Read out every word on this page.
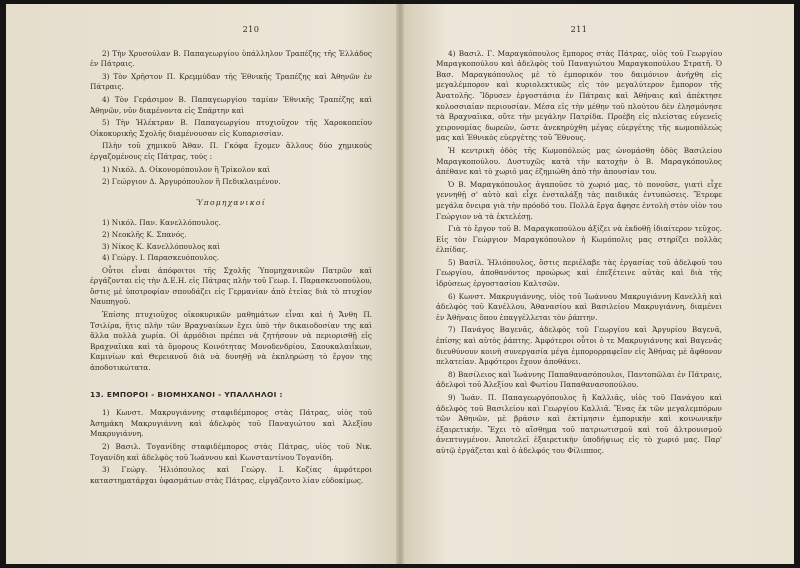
210

2) Τὴν Χρυσούλαν Β. Παπαγεωργίου ὑπάλληλον Τραπέζης τῆς Ἑλλάδος ἐν Πάτραις.

3) Τὸν Χρῆστον Π. Κρεμμύδαν τῆς Ἐθνικῆς Τραπέζης καὶ Ἀθηνῶν ἐν Πάτραις.

4) Τὸν Γεράσιμον Β. Παπαγεωργίου ταμίαν Ἐθνικῆς Τραπέζης καὶ Ἀθηνῶν, νῦν διαμένοντα εἰς Σπάρτην καὶ

5) Τὴν Ἠλέκτραν Β. Παπαγεωργίου πτυχιοῦχον τῆς Χαροκοπείου Οἰκοκυρικῆς Σχολῆς διαμένουσαν εἰς Κυπαρισσίαν.

Πλὴν τοῦ χημικοῦ Ἀθαν. Π. Γκόφα ἔχομεν ἄλλους δύο χημικοὺς ἐργαζομένους εἰς Πάτρας, τούς :

1) Νικόλ. Δ. Οἰκονομόπουλον ἢ Τρίκολον καὶ

2) Γεώργιον Δ. Ἀργυρόπουλον ἢ Πεδικλαιμένον.

Ὑπομηχανικοί
1) Νικόλ. Παν. Κανελλόπουλος.
2) Νεοκλῆς Κ. Σπανός.
3) Νίκος Κ. Κανελλόπουλος καὶ
4) Γεώργ. Ι. Παρασκευόπουλος.

Οὗτοι εἶναι ἀπόφοιτοι τῆς Σχολῆς Ὑπομηχανικῶν Πατρῶν καὶ ἐργάζονται εἰς τὴν Δ.Ε.Η. εἰς Πάτρας πλὴν τοῦ Γεωρ. Ι. Παρασκευοπούλου, ὅστις μὲ ὑποτροφίαν σπουδάζει εἰς Γερμανίαν ἀπὸ ἐτείας διὰ τὸ πτυχίον Ναυπηγοῦ.

Ἐπίσης πτυχιοῦχος οἰκοκυρικῶν μαθημάτων εἶναι καὶ ἡ Ἄνθη Π. Τσιλίρα, ἥτις πλὴν τῶν Βραχναιίκων ἔχει ὑπὸ τὴν δικαιοδοσίαν της καὶ ἄλλα πολλὰ χωρία. Οἱ ἁρμόδιοι πρέπει νὰ ζητήσουν νὰ περιορισθῇ εἰς Βραχναῖικα καὶ τὰ ὅμορους Κοινότητας Μονοδενδρίου, Σαουκαλαιΐκων, Καμινίων καὶ Θερειανοῦ διὰ νὰ δυνηθῇ νὰ ἐκπληρώσῃ τὸ ἔργον της ἀποδοτικώτατα.

13. ΕΜΠΟΡΟΙ - ΒΙΟΜΗΧΑΝΟΙ - ΥΠΑΛΛΗΛΟΙ :

1) Κωνστ. Μακρυγιάννης σταφιδέμπορος στὰς Πάτρας, υἱὸς τοῦ Ἀσημάκη Μακρυγιάννη καὶ ἀδελφὸς τοῦ Παναγιώτου καὶ Ἀλεξίου Μακρυγιάννη.

2) Βασιλ. Τογανίδης σταφιδέμπορος στὰς Πάτρας, υἱὸς τοῦ Νικ. Τογανίδη καὶ ἀδελφὸς τοῦ Ἰωάννου καὶ Κωνσταντίνου Τογανίδη.

3) Γεώργ. Ἠλιόπουλος καὶ Γεώργ. Ι. Κοζίας ἀμφότεροι καταστηματάρχαι ὑφασμάτων στὰς Πάτρας, εἰργάζοντο λίαν εὐδοκίμως.

211

4) Βασιλ. Γ. Μαραγκόπουλος ἔμπορος στὰς Πάτρας, υἱὸς τοῦ Γεωργίου Μαραγκοπούλου καὶ ἀδελφὸς τοῦ Παναγιώτου Μαραγκοπούλου Στρατῆ. Ὁ Βασ. Μαραγκόπουλος μὲ τὸ ἐμπορικόν του δαιμόνιον ἀνήχθη εἰς μεγαλέμπορον καὶ κυριολεκτικῶς εἰς τὸν μεγαλύτερον ἔμπορον τῆς Ἀνατολῆς. Ἵδρυσεν ἐργοστάσια ἐν Πάτραις καὶ Ἀθήναις καὶ ἀπέκτησε κολοσσιαίαν περιουσίαν. Μέσα εἰς τὴν μέθην τοῦ πλούτου δὲν ἐλησμόνησε τὰ Βραχναῖικα, οὔτε τὴν μεγάλην Πατρίδα. Προέβη εἰς πλείστας εὐγενεῖς χειρονομίας δωρεῶν, ὥστε ἀνεκηρύχθη μέγας εὐεργέτης τῆς κωμοπόλεώς μας καὶ Ἐθνικὸς εὐεργέτης τοῦ Ἔθνους.

Ἡ κεντρικὴ ὁδὸς τῆς Κωμοπόλεώς μας ὠνομάσθη ὁδὸς Βασιλείου Μαραγκοπούλου. Δυστυχῶς κατὰ τὴν κατοχὴν ὁ Β. Μαραγκόπουλος ἀπέθανε καὶ τὸ χωριό μας ἐζημιώθη ἀπὸ τὴν ἀπουσίαν του.

Ὁ Β. Μαραγκόπουλος ἀγαποῦσε τὸ χωριό μας, τὸ πονοῦσε, γιατὶ εἶχε γεννηθῇ σ' αὐτὸ καὶ εἶχε ἐνσταλάξῃ τὰς παιδικάς ἐντυπώσεις. Ἔτρεφε μεγάλα ὄνειρα γιὰ τὴν πρόοδό του. Πολλὰ ἔργα ἄφησε ἐντολὴ στὸν υἱὸν του Γεώργιον νὰ τὰ ἐκτελέσῃ.

Γιὰ τὸ ἔργον τοῦ Β. Μαραγκοπούλου ἀξίζει νὰ ἐκδοθῇ ἰδιαίτερον τεῦχος. Εἰς τὸν Γεώργιον Μαραγκόπουλον ἡ Κωμόπολις μας στηρίζει πολλὰς ἐλπίδας.

5) Βασίλ. Ἠλιόπουλος, ὅστις περιέλαβε τὰς ἐργασίας τοῦ ἀδελφοῦ του Γεωργίου, ἀποθανόντος προώρως καὶ ἐπεξέτεινε αὐτὰς καὶ διὰ τῆς ἱδρύσεως ἐργοστασίου Καλτσῶν.

6) Κωνστ. Μακρυγιάννης, υἱὸς τοῦ Ἰωάννου Μακρυγιάννη Κανελλῆ καὶ ἀδελφὸς τοῦ Κανέλλου, Ἀθανασίου καὶ Βασιλείου Μακρυγιάννη, διαμένει ἐν Ἀθήναις ὅπου ἐπαγγέλλεται τὸν ῥάπτην.

7) Πανάγος Βαγενᾶς, ἀδελφὸς τοῦ Γεωργίου καὶ Ἀργυρίου Βαγενᾶ, ἐπίσης καὶ αὐτὸς ῥάπτης. Ἀμφότεροι οὗτοι ὁ τε Μακρυγιάννης καὶ Βαγενᾶς διευθύνουν κοινὴ συνεργασία μέγα ἐμπορορραφεῖον εἰς Ἀθήνας μὲ ἄφθονον πελατείαν. Ἀμφότεροι ἔχουν ἀποθάνει.

8) Βασίλειος καὶ Ἰωάννης Παπαθανασόπουλοι, Παντοπῶλαι ἐν Πάτραις, ἀδελφοὶ τοῦ Ἀλεξίου καὶ Φωτίου Παπαθανασοπούλου.

9) Ἰωάν. Π. Παπαγεωργόπουλος ἢ Καλλιᾶς, υἱὸς τοῦ Πανάγου καὶ ἀδελφὸς τοῦ Βασιλείου καὶ Γεωργίου Καλλιᾶ. Ἕνας ἐκ τῶν μεγαλεμπόρων τῶν Ἀθηνῶν, μὲ βράσιν καὶ ἐκτίμησιν ἐμπορικὴν καὶ κοινωνικὴν ἐξαιρετικήν. Ἔχει τὸ αἴσθημα τοῦ πατριωτισμοῦ καὶ τοῦ ἀλτρουισμοῦ ἀνεπτυγμένον. Ἀποτελεῖ ἐξαιρετικὴν ὑποδήψιως εἰς τὸ χωριό μας. Παρ' αὐτῷ ἐργάζεται καὶ ὁ ἀδελφός του Φίλιππος.
